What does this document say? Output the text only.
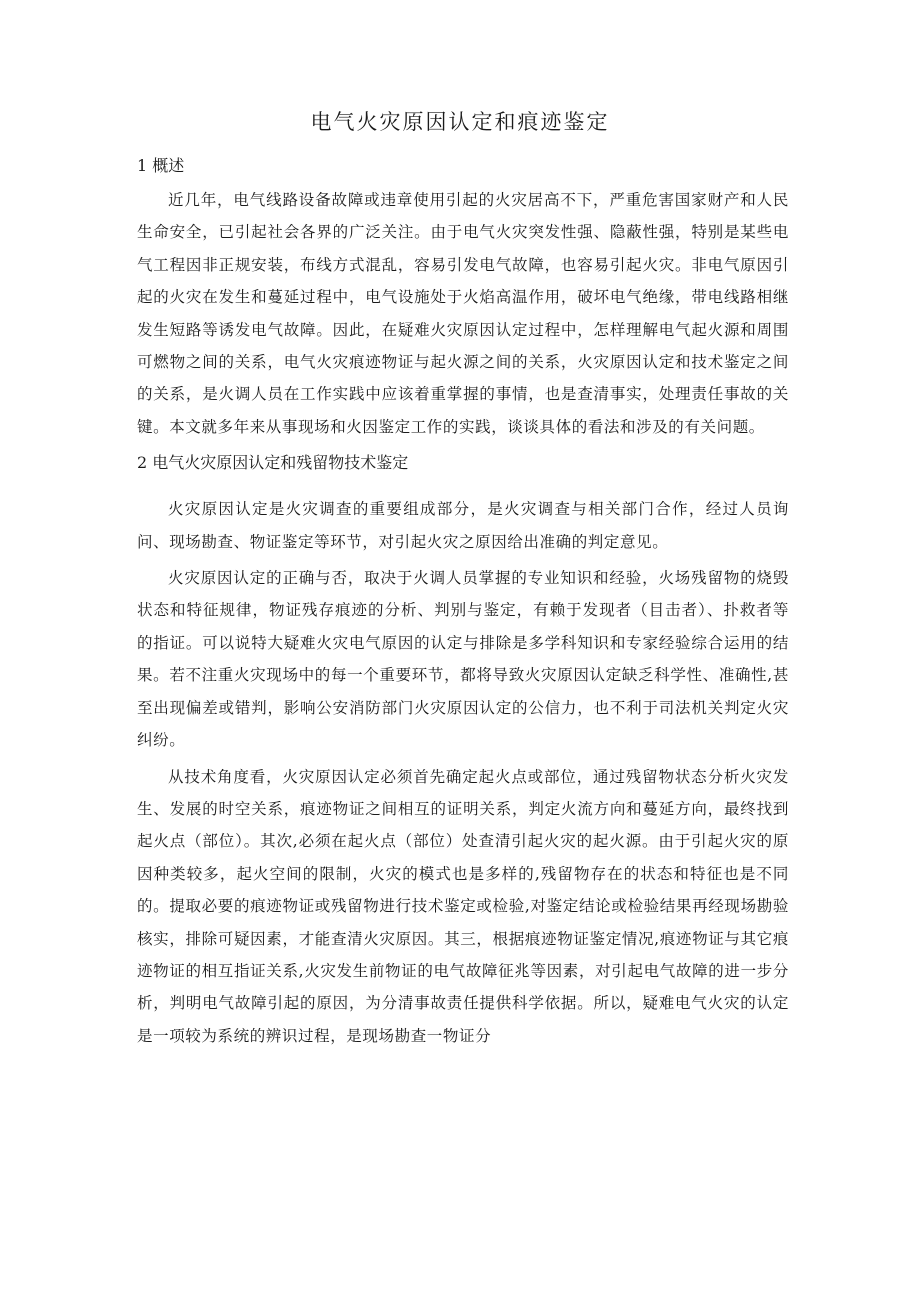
电气火灾原因认定和痕迹鉴定
1 概述

近几年，电气线路设备故障或违章使用引起的火灾居高不下，严重危害国家财产和人民生命安全，已引起社会各界的广泛关注。由于电气火灾突发性强、隐蔽性强，特别是某些电气工程因非正规安装，布线方式混乱，容易引发电气故障，也容易引起火灾。非电气原因引起的火灾在发生和蔓延过程中，电气设施处于火焰高温作用，破坏电气绝缘，带电线路相继发生短路等诱发电气故障。因此，在疑难火灾原因认定过程中，怎样理解电气起火源和周围可燃物之间的关系，电气火灾痕迹物证与起火源之间的关系，火灾原因认定和技术鉴定之间的关系，是火调人员在工作实践中应该着重掌握的事情，也是查清事实，处理责任事故的关键。本文就多年来从事现场和火因鉴定工作的实践，谈谈具体的看法和涉及的有关问题。

2 电气火灾原因认定和残留物技术鉴定

火灾原因认定是火灾调查的重要组成部分，是火灾调查与相关部门合作，经过人员询问、现场勘查、物证鉴定等环节，对引起火灾之原因给出准确的判定意见。

火灾原因认定的正确与否，取决于火调人员掌握的专业知识和经验，火场残留物的烧毁状态和特征规律，物证残存痕迹的分析、判别与鉴定，有赖于发现者（目击者）、扑救者等的指证。可以说特大疑难火灾电气原因的认定与排除是多学科知识和专家经验综合运用的结果。若不注重火灾现场中的每一个重要环节，都将导致火灾原因认定缺乏科学性、准确性,甚至出现偏差或错判，影响公安消防部门火灾原因认定的公信力，也不利于司法机关判定火灾纠纷。

从技术角度看，火灾原因认定必须首先确定起火点或部位，通过残留物状态分析火灾发生、发展的时空关系，痕迹物证之间相互的证明关系，判定火流方向和蔓延方向，最终找到起火点（部位）。其次,必须在起火点（部位）处查清引起火灾的起火源。由于引起火灾的原因种类较多，起火空间的限制，火灾的模式也是多样的,残留物存在的状态和特征也是不同的。提取必要的痕迹物证或残留物进行技术鉴定或检验,对鉴定结论或检验结果再经现场勘验核实，排除可疑因素，才能查清火灾原因。其三，根据痕迹物证鉴定情况,痕迹物证与其它痕迹物证的相互指证关系,火灾发生前物证的电气故障征兆等因素，对引起电气故障的进一步分析，判明电气故障引起的原因，为分清事故责任提供科学依据。所以，疑难电气火灾的认定是一项较为系统的辨识过程，是现场勘查一物证分
